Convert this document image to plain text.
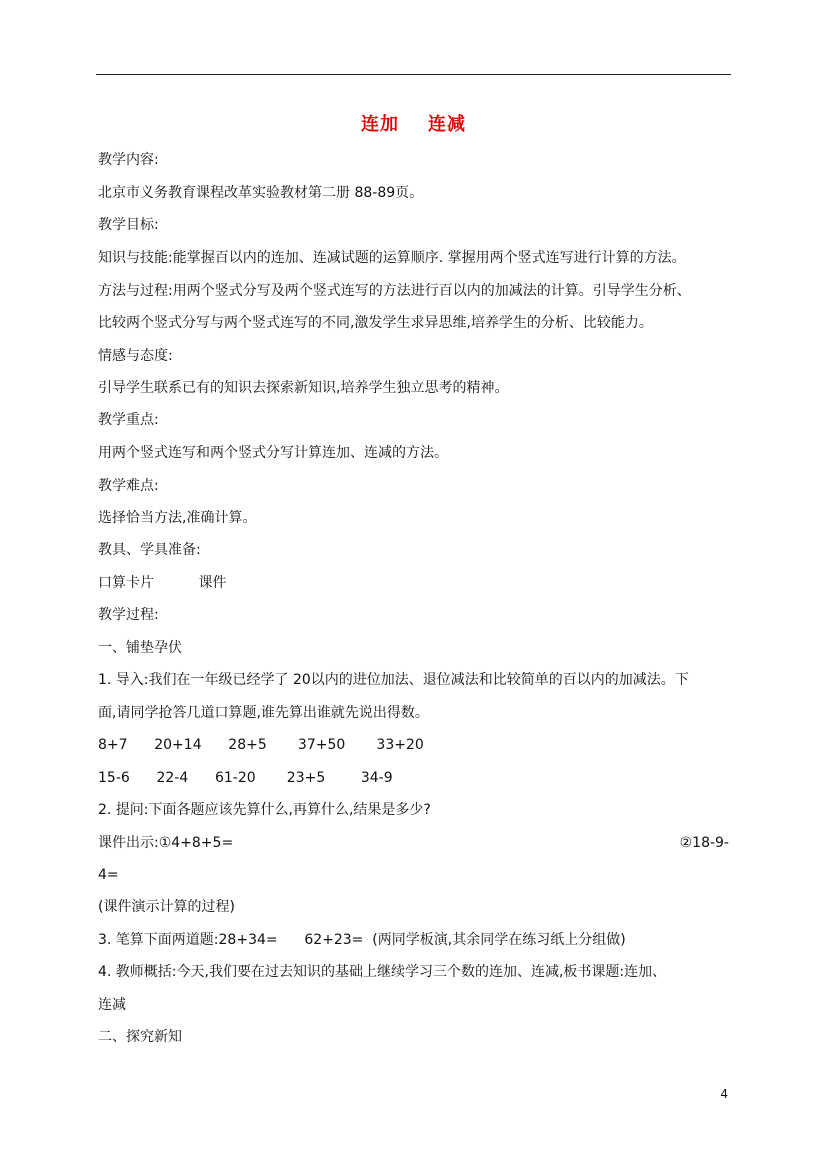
连加    连减
教学内容:
北京市义务教育课程改革实验教材第二册 88-89页。
教学目标:
知识与技能:能掌握百以内的连加、连减试题的运算顺序. 掌握用两个竖式连写进行计算的方法。
方法与过程:用两个竖式分写及两个竖式连写的方法进行百以内的加减法的计算。引导学生分析、
比较两个竖式分写与两个竖式连写的不同,激发学生求异思维,培养学生的分析、比较能力。
情感与态度:
引导学生联系已有的知识去探索新知识,培养学生独立思考的精神。
教学重点:
用两个竖式连写和两个竖式分写计算连加、连减的方法。
教学难点:
选择恰当方法,准确计算。
教具、学具准备:
口算卡片          课件
教学过程:
一、铺垫孕伏
1. 导入:我们在一年级已经学了 20以内的进位加法、退位减法和比较简单的百以内的加减法。下
面,请同学抢答几道口算题,谁先算出谁就先说出得数。
8+7      20+14      28+5       37+50       33+20
15-6      22-4      61-20       23+5        34-9
2. 提问:下面各题应该先算什么,再算什么,结果是多少?
课件出示:①4+8+5=	②18-9-
4=
(课件演示计算的过程)
3. 笔算下面两道题:28+34=      62+23=  (两同学板演,其余同学在练习纸上分组做)
4. 教师概括:今天,我们要在过去知识的基础上继续学习三个数的连加、连减,板书课题:连加、
连减
二、探究新知
4
